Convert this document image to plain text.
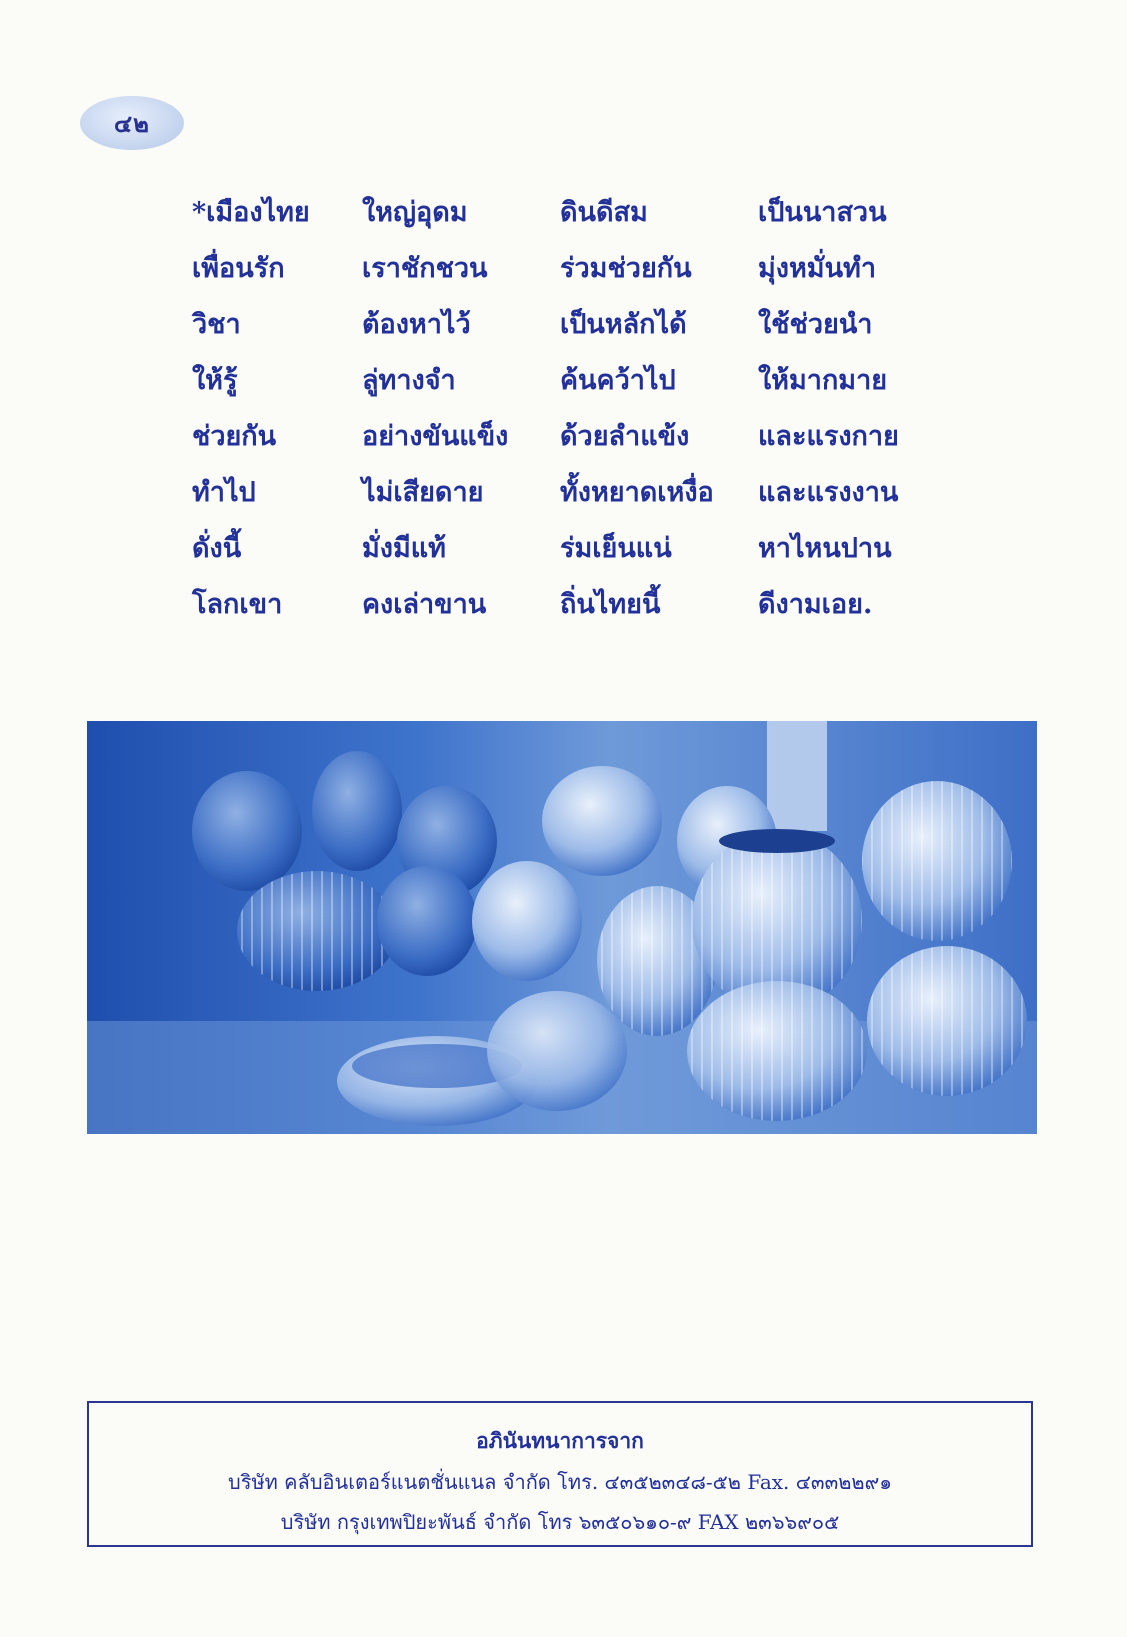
๔๒
*เมืองไทย	ใหญ่อุดม	ดินดีสม	เป็นนาสวน
เพื่อนรัก	เราชักชวน	ร่วมช่วยกัน	มุ่งหมั่นทำ
วิชา	ต้องหาไว้	เป็นหลักได้	ใช้ช่วยนำ
ให้รู้	ลู่ทางจำ	ค้นคว้าไป	ให้มากมาย
ช่วยกัน	อย่างขันแข็ง	ด้วยลำแข้ง	และแรงกาย
ทำไป	ไม่เสียดาย	ทั้งหยาดเหงื่อ	และแรงงาน
ดั่งนี้	มั่งมีแท้	ร่มเย็นแน่	หาไหนปาน
โลกเขา	คงเล่าขาน	ถิ่นไทยนี้	ดีงามเอย.
อภินันทนาการจาก
บริษัท คลับอินเตอร์แนตชั่นแนล จำกัด โทร. ๔๓๕๒๓๔๘-๕๒ Fax. ๔๓๓๒๒๙๑
บริษัท กรุงเทพปิยะพันธ์ จำกัด โทร ๖๓๕๐๖๑๐-๙ FAX ๒๓๖๖๙๐๕
